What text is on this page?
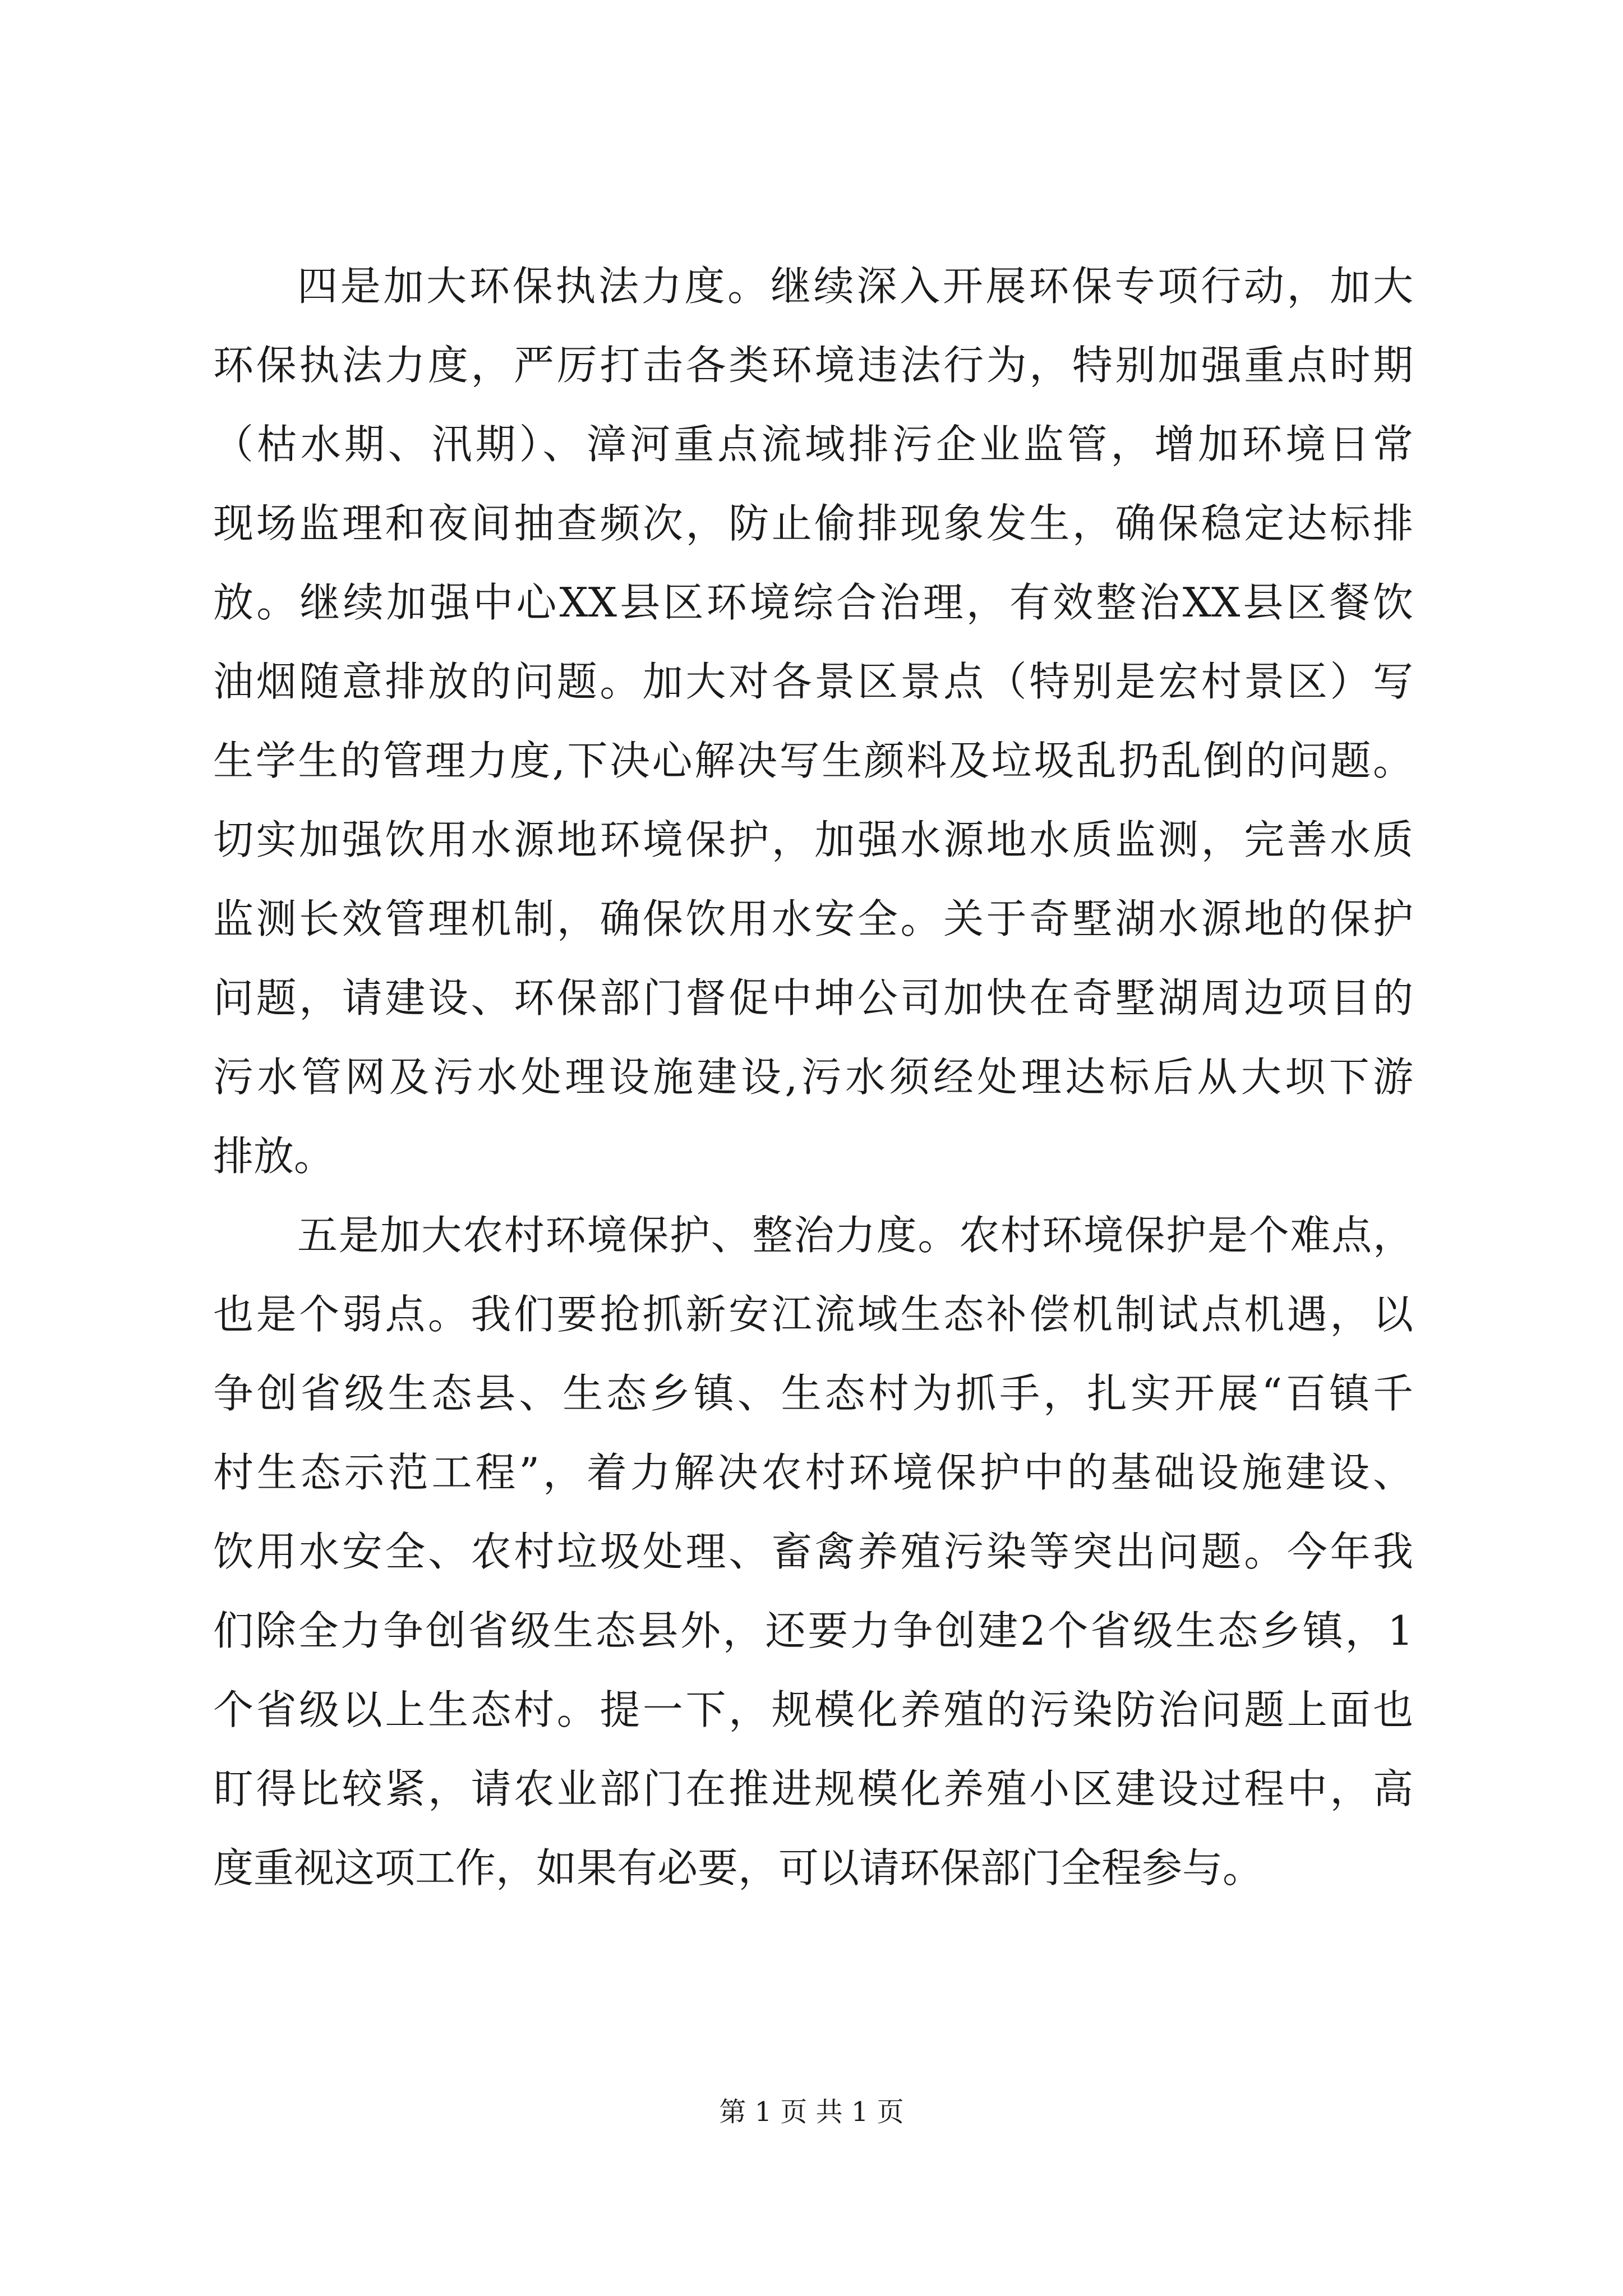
四是加大环保执法力度。继续深入开展环保专项行动，加大
环保执法力度，严厉打击各类环境违法行为，特别加强重点时期
（枯水期、汛期）、漳河重点流域排污企业监管，增加环境日常
现场监理和夜间抽查频次，防止偷排现象发生，确保稳定达标排
放。继续加强中心XX县区环境综合治理，有效整治XX县区餐饮
油烟随意排放的问题。加大对各景区景点（特别是宏村景区）写
生学生的管理力度,下决心解决写生颜料及垃圾乱扔乱倒的问题。
切实加强饮用水源地环境保护，加强水源地水质监测，完善水质
监测长效管理机制，确保饮用水安全。关于奇墅湖水源地的保护
问题，请建设、环保部门督促中坤公司加快在奇墅湖周边项目的
污水管网及污水处理设施建设,污水须经处理达标后从大坝下游
排放。
五是加大农村环境保护、整治力度。农村环境保护是个难点，
也是个弱点。我们要抢抓新安江流域生态补偿机制试点机遇，以
争创省级生态县、生态乡镇、生态村为抓手，扎实开展“百镇千
村生态示范工程”，着力解决农村环境保护中的基础设施建设、
饮用水安全、农村垃圾处理、畜禽养殖污染等突出问题。今年我
们除全力争创省级生态县外，还要力争创建2个省级生态乡镇，1
个省级以上生态村。提一下，规模化养殖的污染防治问题上面也
盯得比较紧，请农业部门在推进规模化养殖小区建设过程中，高
度重视这项工作，如果有必要，可以请环保部门全程参与。
第 1 页 共 1 页
